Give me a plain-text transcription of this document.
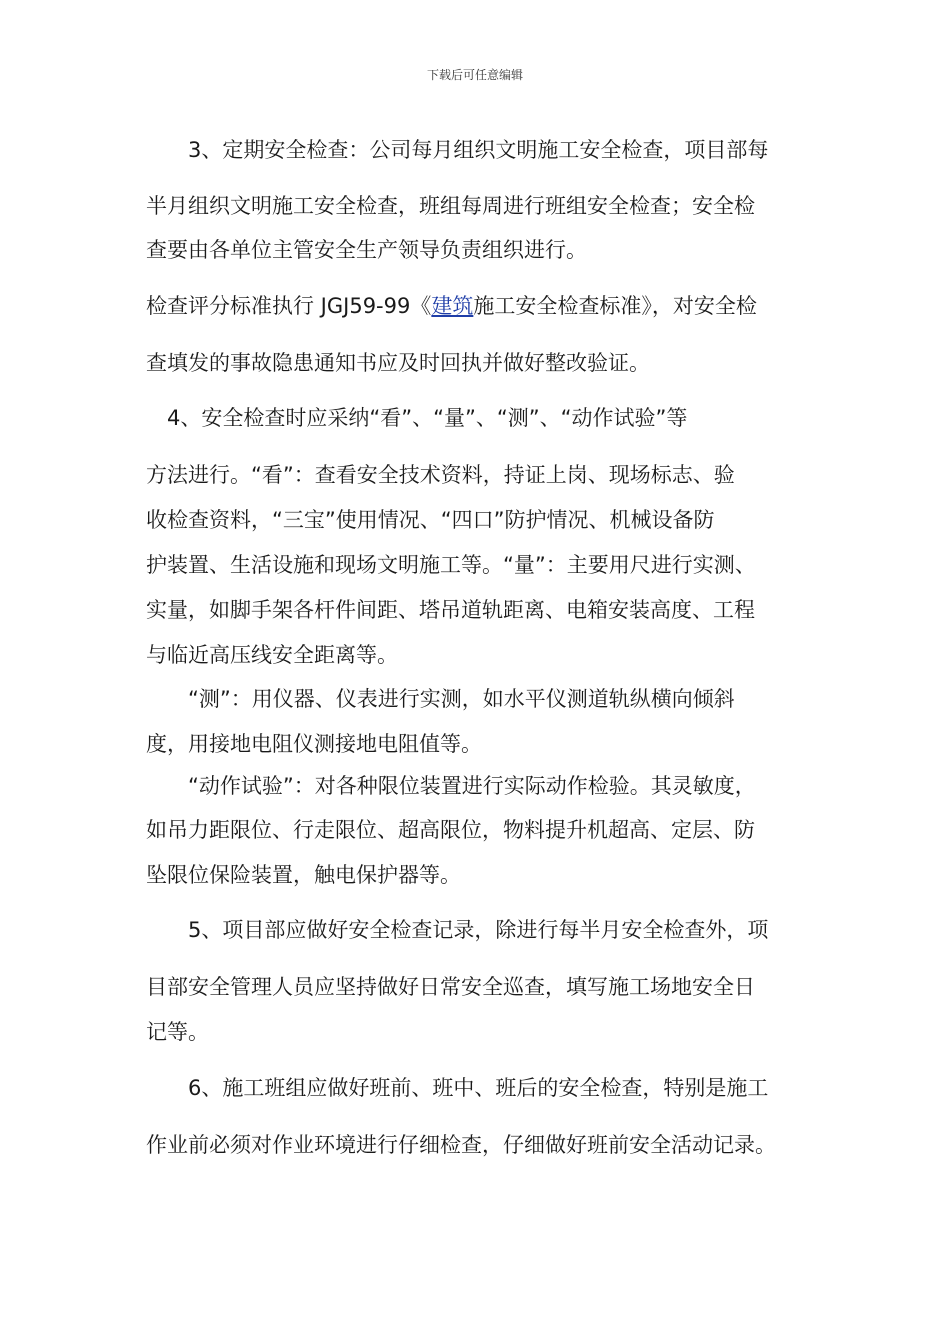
下载后可任意编辑
3、定期安全检查：公司每月组织文明施工安全检查，项目部每
半月组织文明施工安全检查，班组每周进行班组安全检查；安全检
查要由各单位主管安全生产领导负责组织进行。
检查评分标准执行 JGJ59-99《建筑施工安全检查标准》，对安全检
查填发的事故隐患通知书应及时回执并做好整改验证。
4、安全检查时应采纳“看”、“量”、“测”、“动作试验”等
方法进行。“看”：查看安全技术资料，持证上岗、现场标志、验
收检查资料，“三宝”使用情况、“四口”防护情况、机械设备防
护装置、生活设施和现场文明施工等。“量”：主要用尺进行实测、
实量，如脚手架各杆件间距、塔吊道轨距离、电箱安装高度、工程
与临近高压线安全距离等。
“测”：用仪器、仪表进行实测，如水平仪测道轨纵横向倾斜
度，用接地电阻仪测接地电阻值等。
“动作试验”：对各种限位装置进行实际动作检验。其灵敏度，
如吊力距限位、行走限位、超高限位，物料提升机超高、定层、防
坠限位保险装置，触电保护器等。
5、项目部应做好安全检查记录，除进行每半月安全检查外，项
目部安全管理人员应坚持做好日常安全巡查，填写施工场地安全日
记等。
6、施工班组应做好班前、班中、班后的安全检查，特别是施工
作业前必须对作业环境进行仔细检查，仔细做好班前安全活动记录。
